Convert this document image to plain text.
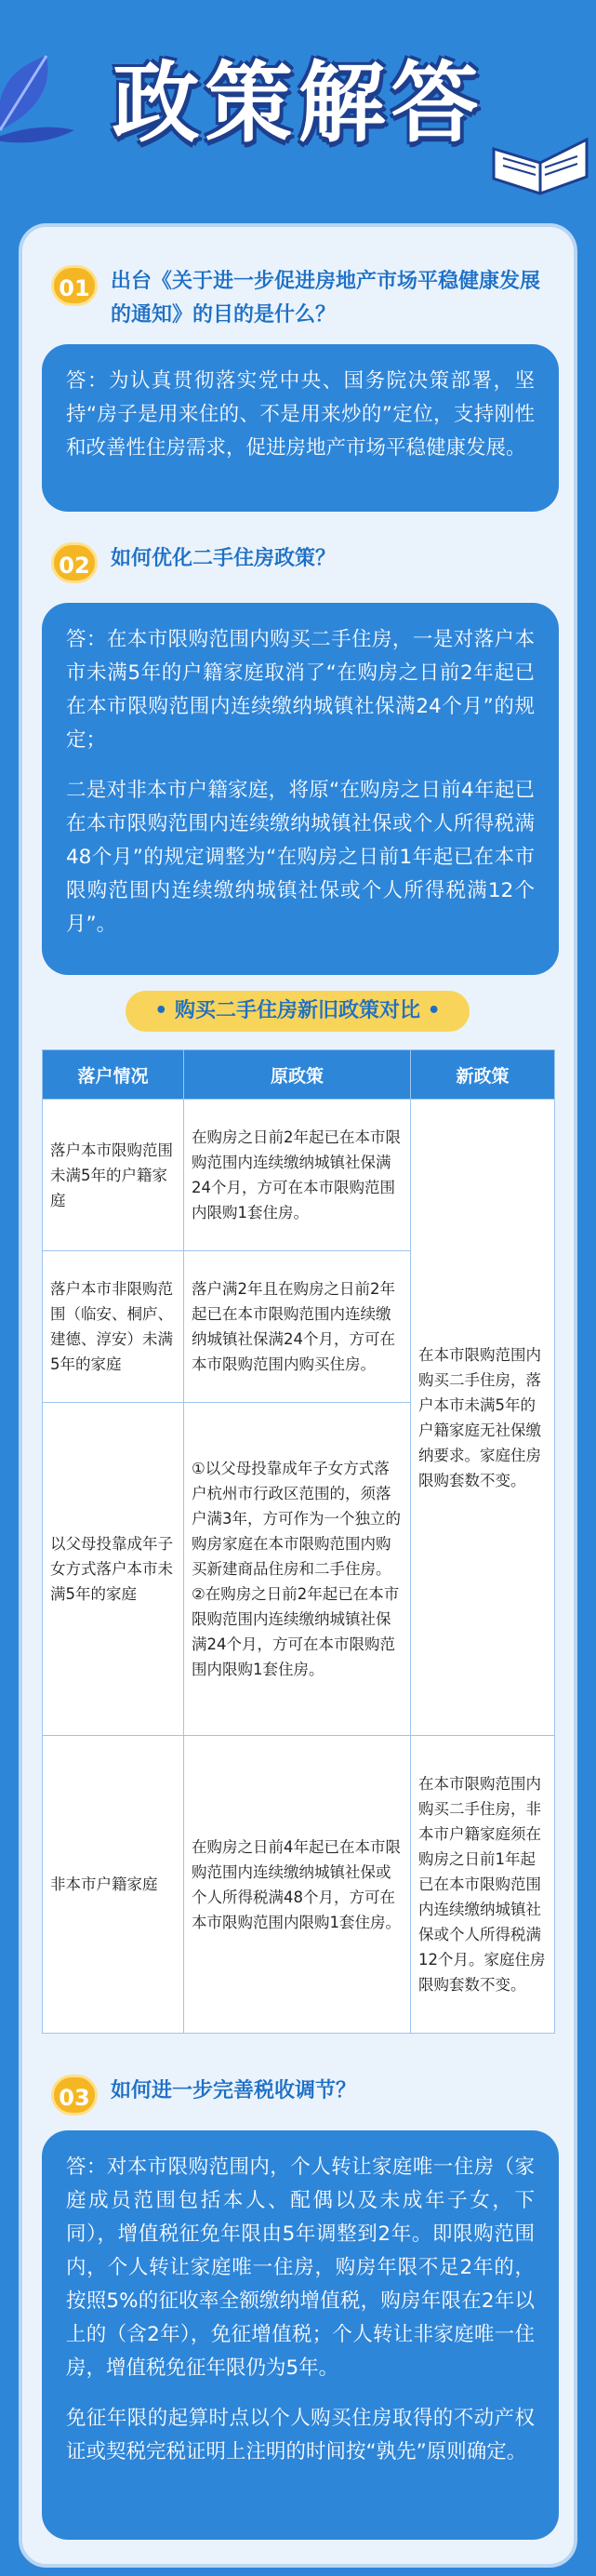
政策解答
01	出台《关于进一步促进房地产市场平稳健康发展的通知》的目的是什么？

答：为认真贯彻落实党中央、国务院决策部署，坚持“房子是用来住的、不是用来炒的”定位，支持刚性和改善性住房需求，促进房地产市场平稳健康发展。

02	如何优化二手住房政策？

答：在本市限购范围内购买二手住房，一是对落户本市未满5年的户籍家庭取消了“在购房之日前2年起已在本市限购范围内连续缴纳城镇社保满24个月”的规定；

二是对非本市户籍家庭，将原“在购房之日前4年起已在本市限购范围内连续缴纳城镇社保或个人所得税满48个月”的规定调整为“在购房之日前1年起已在本市限购范围内连续缴纳城镇社保或个人所得税满12个月”。

• 购买二手住房新旧政策对比 •
落户情况	原政策	新政策
落户本市限购范围未满5年的户籍家庭	在购房之日前2年起已在本市限购范围内连续缴纳城镇社保满24个月，方可在本市限购范围内限购1套住房。	在本市限购范围内购买二手住房，落户本市未满5年的户籍家庭无社保缴纳要求。家庭住房限购套数不变。
落户本市非限购范围（临安、桐庐、建德、淳安）未满5年的家庭	落户满2年且在购房之日前2年起已在本市限购范围内连续缴纳城镇社保满24个月，方可在本市限购范围内购买住房。	
以父母投靠成年子女方式落户本市未满5年的家庭	①以父母投靠成年子女方式落户杭州市行政区范围的，须落户满3年，方可作为一个独立的购房家庭在本市限购范围内购买新建商品住房和二手住房。
②在购房之日前2年起已在本市限购范围内连续缴纳城镇社保满24个月，方可在本市限购范围内限购1套住房。	

非本市户籍家庭	在购房之日前4年起已在本市限购范围内连续缴纳城镇社保或个人所得税满48个月，方可在本市限购范围内限购1套住房。	在本市限购范围内购买二手住房，非本市户籍家庭须在购房之日前1年起已在本市限购范围内连续缴纳城镇社保或个人所得税满12个月。家庭住房限购套数不变。
03	如何进一步完善税收调节？

答：对本市限购范围内，个人转让家庭唯一住房（家庭成员范围包括本人、配偶以及未成年子女，下同），增值税征免年限由5年调整到2年。即限购范围内，个人转让家庭唯一住房，购房年限不足2年的，按照5%的征收率全额缴纳增值税，购房年限在2年以上的（含2年），免征增值税；个人转让非家庭唯一住房，增值税免征年限仍为5年。

免征年限的起算时点以个人购买住房取得的不动产权证或契税完税证明上注明的时间按“孰先”原则确定。
